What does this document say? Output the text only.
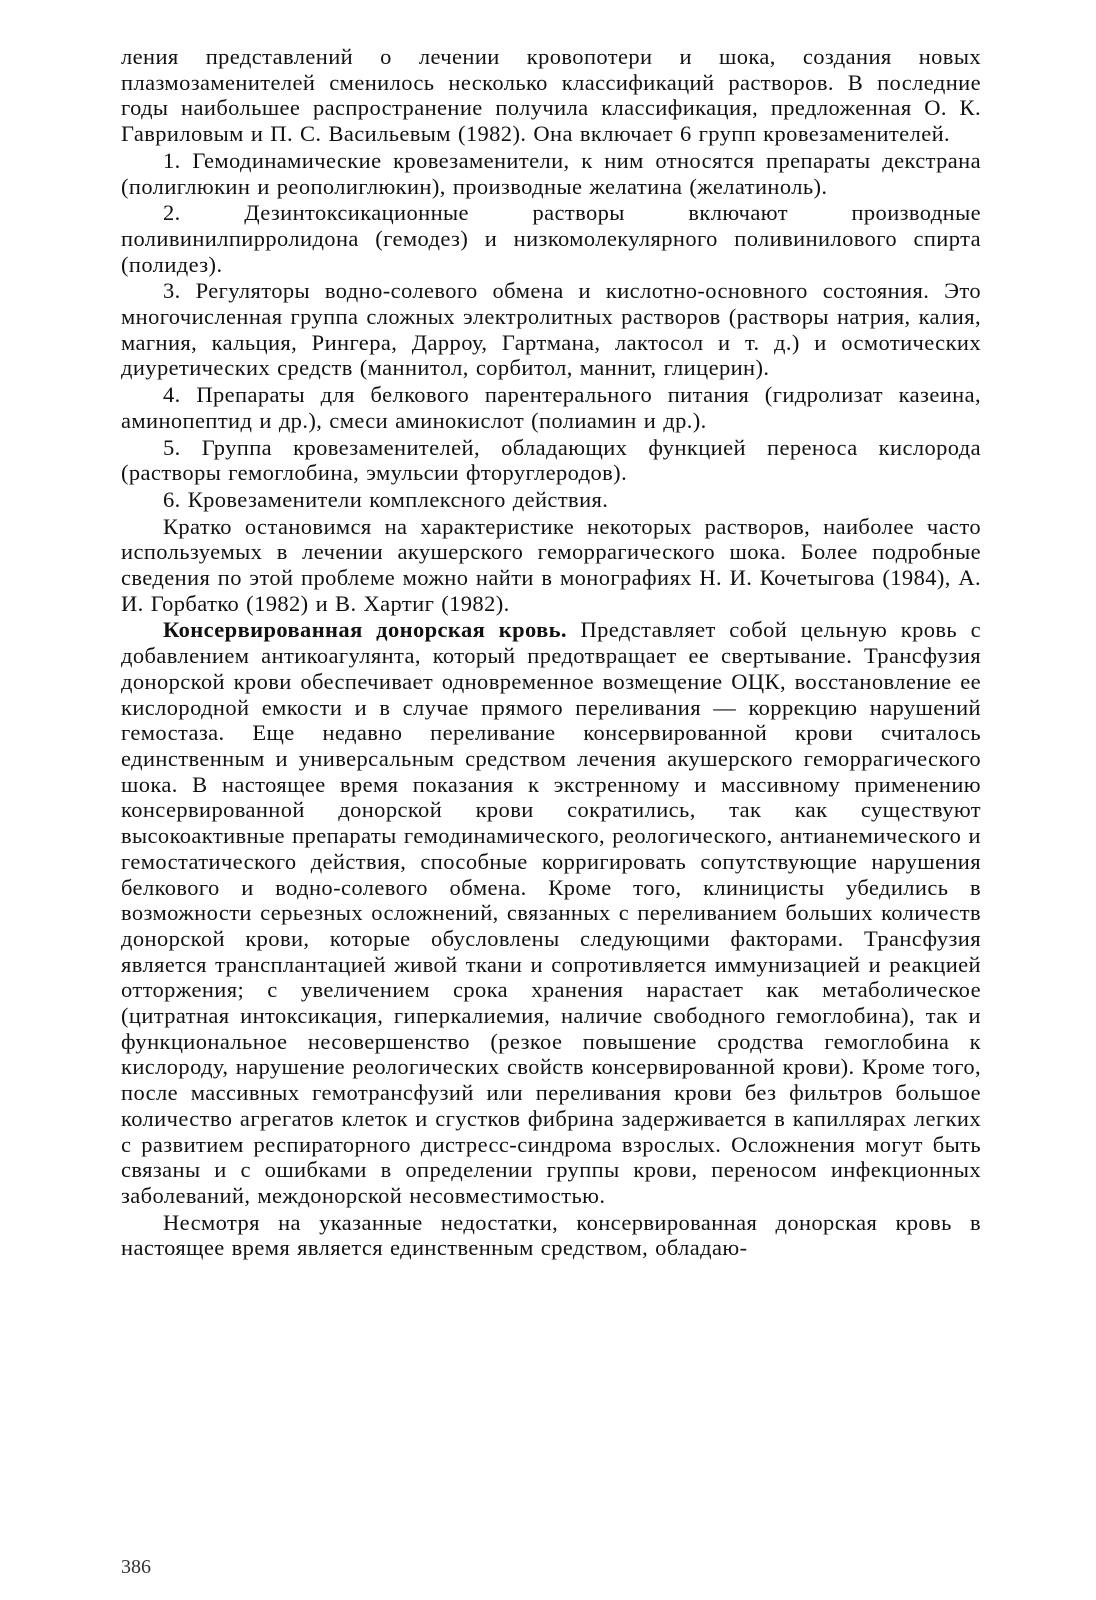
ления представлений о лечении кровопотери и шока, создания новых плазмозаменителей сменилось несколько классификаций растворов. В последние годы наибольшее распространение получила классификация, предложенная О. К. Гавриловым и П. С. Васильевым (1982). Она включает 6 групп кровезаменителей.

1. Гемодинамические кровезаменители, к ним относятся препараты декстрана (полиглюкин и реополиглюкин), производные желатина (желатиноль).

2. Дезинтоксикационные растворы включают производные поливинилпирролидона (гемодез) и низкомолекулярного поливинилового спирта (полидез).

3. Регуляторы водно-солевого обмена и кислотно-основного состояния. Это многочисленная группа сложных электролитных растворов (растворы натрия, калия, магния, кальция, Рингера, Дарроу, Гартмана, лактосол и т. д.) и осмотических диуретических средств (маннитол, сорбитол, маннит, глицерин).

4. Препараты для белкового парентерального питания (гидролизат казеина, аминопептид и др.), смеси аминокислот (полиамин и др.).

5. Группа кровезаменителей, обладающих функцией переноса кислорода (растворы гемоглобина, эмульсии фторуглеродов).

6. Кровезаменители комплексного действия.

Кратко остановимся на характеристике некоторых растворов, наиболее часто используемых в лечении акушерского геморрагического шока. Более подробные сведения по этой проблеме можно найти в монографиях Н. И. Кочетыгова (1984), А. И. Горбатко (1982) и В. Хартиг (1982).

Консервированная донорская кровь. Представляет собой цельную кровь с добавлением антикоагулянта, который предотвращает ее свертывание. Трансфузия донорской крови обеспечивает одновременное возмещение ОЦК, восстановление ее кислородной емкости и в случае прямого переливания — коррекцию нарушений гемостаза. Еще недавно переливание консервированной крови считалось единственным и универсальным средством лечения акушерского геморрагического шока. В настоящее время показания к экстренному и массивному применению консервированной донорской крови сократились, так как существуют высокоактивные препараты гемодинамического, реологического, антианемического и гемостатического действия, способные корригировать сопутствующие нарушения белкового и водно-солевого обмена. Кроме того, клиницисты убедились в возможности серьезных осложнений, связанных с переливанием больших количеств донорской крови, которые обусловлены следующими факторами. Трансфузия является трансплантацией живой ткани и сопротивляется иммунизацией и реакцией отторжения; с увеличением срока хранения нарастает как метаболическое (цитратная интоксикация, гиперкалиемия, наличие свободного гемоглобина), так и функциональное несовершенство (резкое повышение сродства гемоглобина к кислороду, нарушение реологических свойств консервированной крови). Кроме того, после массивных гемотрансфузий или переливания крови без фильтров большое количество агрегатов клеток и сгустков фибрина задерживается в капиллярах легких с развитием респираторного дистресс-синдрома взрослых. Осложнения могут быть связаны и с ошибками в определении группы крови, переносом инфекционных заболеваний, междонорской несовместимостью.

Несмотря на указанные недостатки, консервированная донорская кровь в настоящее время является единственным средством, обладаю-

386
